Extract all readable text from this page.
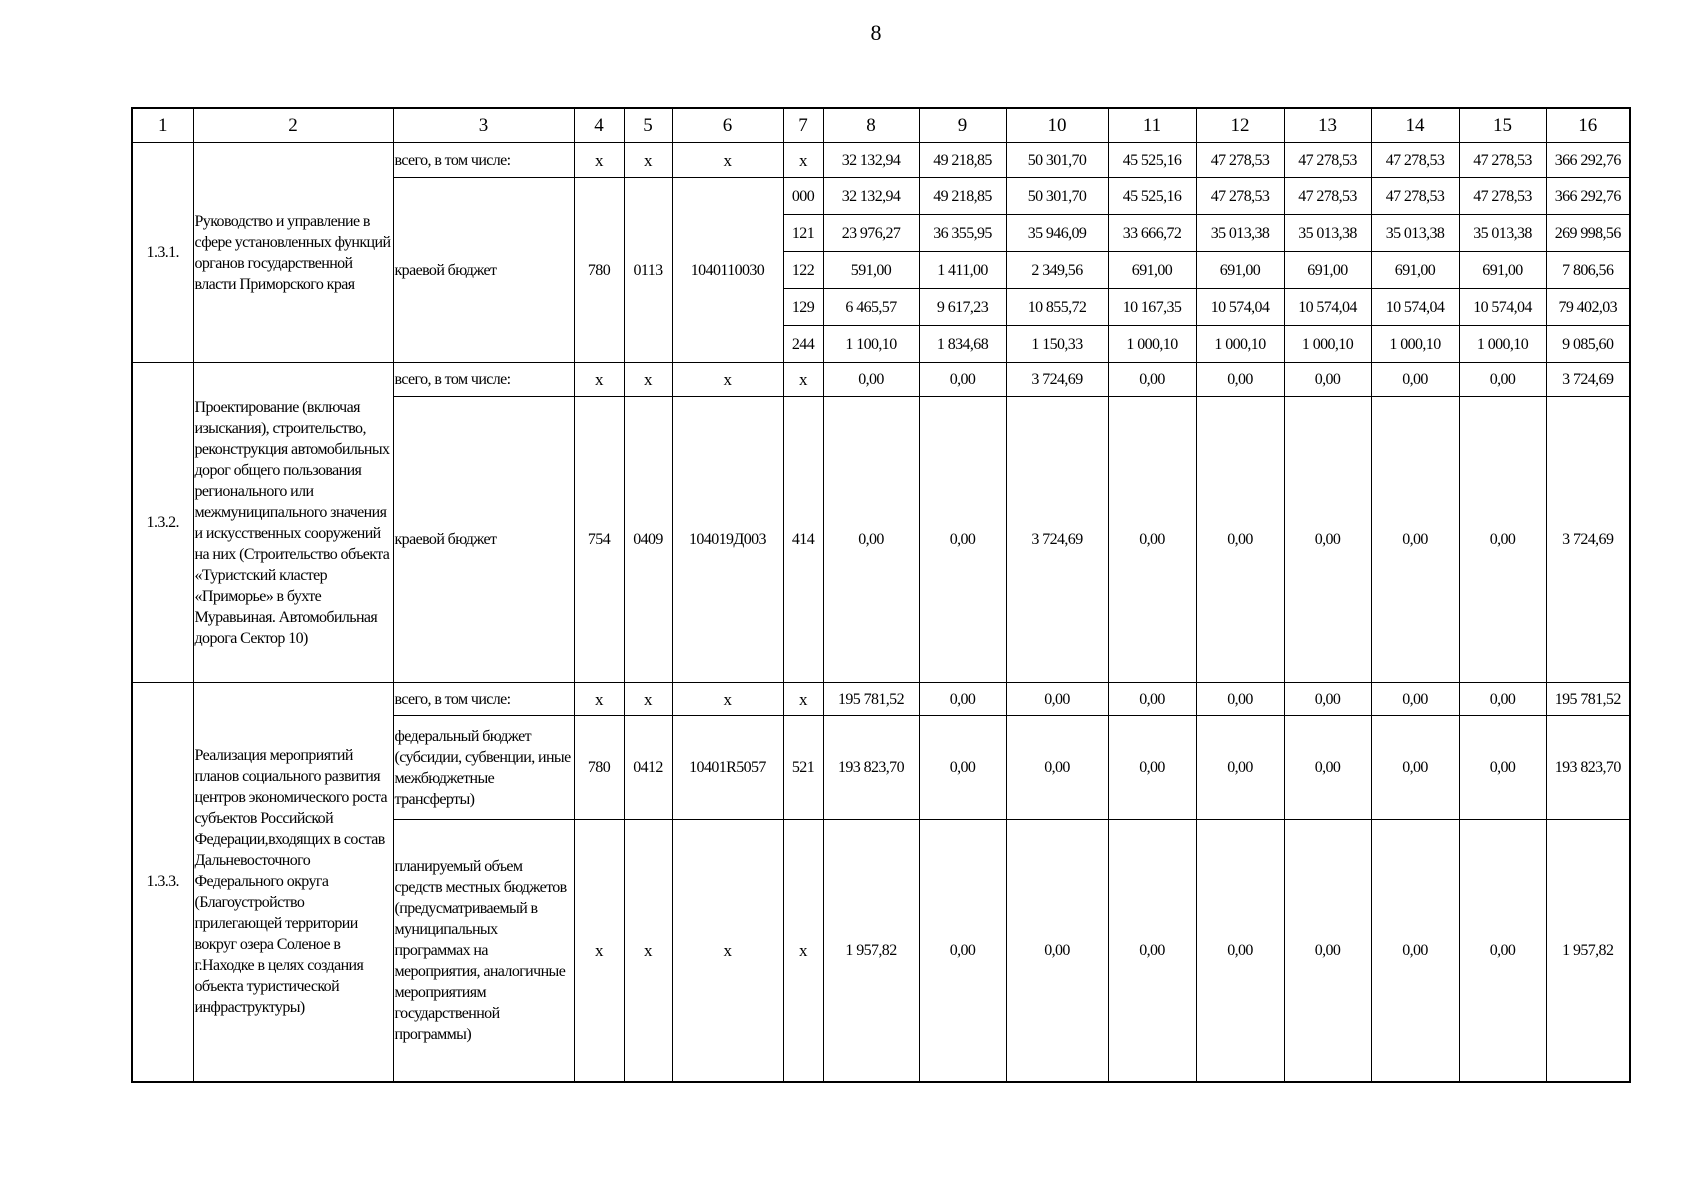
8
1	2	3	4	5	6	7	8	9	10	11	12	13	14	15	16
1.3.1.	Руководство и управление в сфере установленных функций органов государственной власти Приморского края	всего, в том числе:	x	x	x	x	32 132,94	49 218,85	50 301,70	45 525,16	47 278,53	47 278,53	47 278,53	47 278,53	366 292,76
		краевой бюджет	780	0113	1040110030	000	32 132,94	49 218,85	50 301,70	45 525,16	47 278,53	47 278,53	47 278,53	47 278,53	366 292,76
						121	23 976,27	36 355,95	35 946,09	33 666,72	35 013,38	35 013,38	35 013,38	35 013,38	269 998,56
						122	591,00	1 411,00	2 349,56	691,00	691,00	691,00	691,00	691,00	7 806,56
						129	6 465,57	9 617,23	10 855,72	10 167,35	10 574,04	10 574,04	10 574,04	10 574,04	79 402,03
						244	1 100,10	1 834,68	1 150,33	1 000,10	1 000,10	1 000,10	1 000,10	1 000,10	9 085,60
1.3.2.	Проектирование (включая изыскания), строительство, реконструкция автомобильных дорог общего пользования регионального или межмуниципального значения и искусственных сооружений на них (Строительство объекта «Туристский кластер «Приморье» в бухте Муравьиная. Автомобильная дорога Сектор 10)	всего, в том числе:	x	x	x	x	0,00	0,00	3 724,69	0,00	0,00	0,00	0,00	0,00	3 724,69
		краевой бюджет	754	0409	104019Д003	414	0,00	0,00	3 724,69	0,00	0,00	0,00	0,00	0,00	3 724,69
1.3.3.	Реализация мероприятий планов социального развития центров экономического роста субъектов Российской Федерации,входящих в состав Дальневосточного Федерального округа (Благоустройство прилегающей территории вокруг озера Соленое в г.Находке в целях создания объекта туристической инфраструктуры)	всего, в том числе:	x	x	x	x	195 781,52	0,00	0,00	0,00	0,00	0,00	0,00	0,00	195 781,52
		федеральный бюджет (субсидии, субвенции, иные межбюджетные трансферты)	780	0412	10401R5057	521	193 823,70	0,00	0,00	0,00	0,00	0,00	0,00	0,00	193 823,70
		планируемый объем средств местных бюджетов (предусматриваемый в муниципальных программах на мероприятия, аналогичные мероприятиям государственной программы)	x	x	x	x	1 957,82	0,00	0,00	0,00	0,00	0,00	0,00	0,00	1 957,82
